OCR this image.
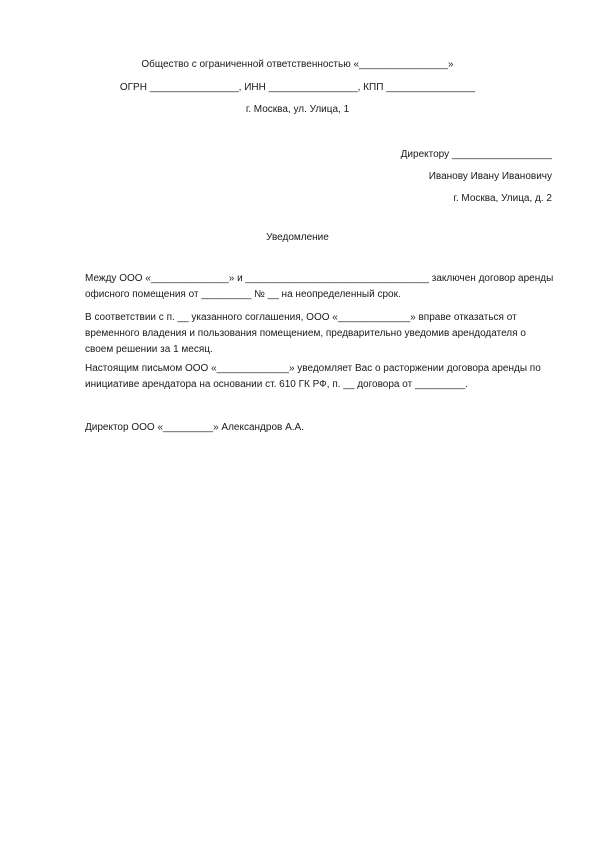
Общество с ограниченной ответственностью «________________»
ОГРН ________________, ИНН ________________, КПП ________________
г. Москва, ул. Улица, 1
Директору __________________
Иванову Ивану Ивановичу
г. Москва, Улица, д. 2
Уведомление
Между ООО «______________» и _________________________________ заключен договор аренды
офисного помещения от _________ № __ на неопределенный срок.
В соответствии с п. __ указанного соглашения, ООО «_____________» вправе отказаться от
временного владения и пользования помещением, предварительно уведомив арендодателя о
своем решении за 1 месяц.
Настоящим письмом ООО «_____________» уведомляет Вас о расторжении договора аренды по
инициативе арендатора на основании ст. 610 ГК РФ, п. __ договора от _________.
Директор ООО «_________» Александров А.А.
